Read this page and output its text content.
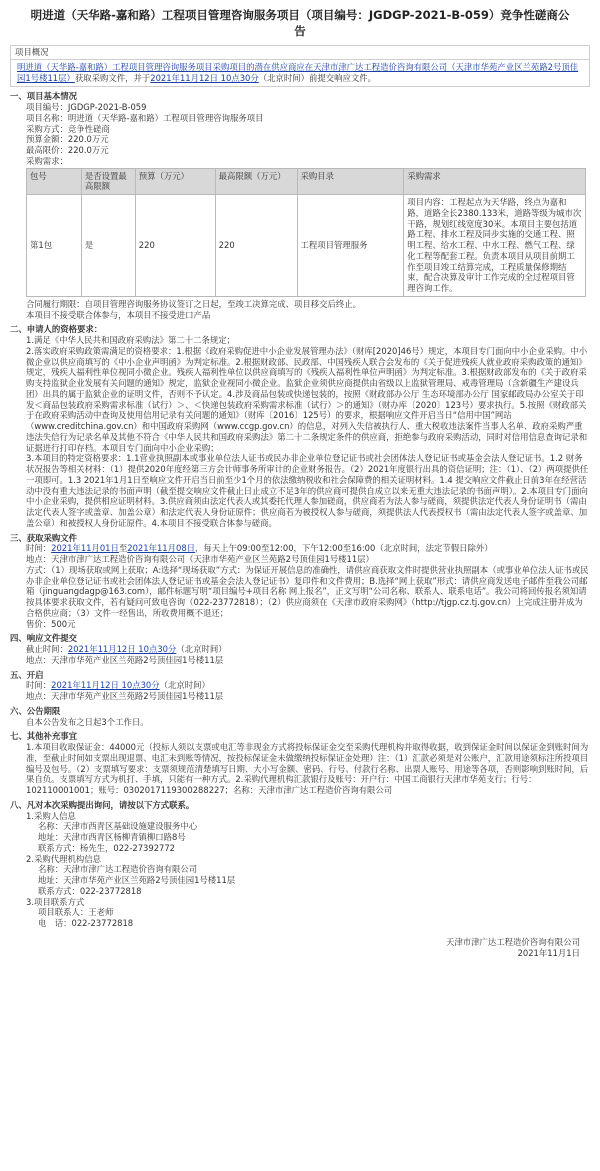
明进道（天华路-嘉和路）工程项目管理咨询服务项目（项目编号：JGDGP-2021-B-059）竞争性磋商公告
项目概况
明进道（天华路-嘉和路）工程项目管理咨询服务项目采购项目的潜在供应商应在天津市津广达工程造价咨询有限公司（天津市华苑产业区兰苑路2号顶佳园1号楼11层）获取采购文件，并于2021年11月12日 10点30分（北京时间）前提交响应文件。
一、项目基本情况
项目编号：JGDGP-2021-B-059
项目名称：明进道（天华路-嘉和路）工程项目管理咨询服务项目
采购方式：竞争性磋商
预算金额：220.0万元
最高限价：220.0万元
采购需求：
包号	是否设置最高限额	预算（万元）	最高限额（万元）	采购目录	采购需求
第1包	是	220	220	工程项目管理服务	项目内容：工程起点为天华路，终点为嘉和路，道路全长2380.133米，道路等级为城市次干路，规划红线宽度30米。本项目主要包括道路工程、排水工程及同步实施的交通工程、照明工程、给水工程、中水工程、燃气工程、绿化工程等配套工程。负责本项目从项目前期工作至项目竣工结算完成，工程质量保修期结束，配合决算及审计工作完成的全过程项目管理咨询工作。
合同履行期限：自项目管理咨询服务协议签订之日起，至竣工决算完成、项目移交后终止。
本项目不接受联合体参与，本项目不接受进口产品
二、申请人的资格要求：
1.满足《中华人民共和国政府采购法》第二十二条规定；
2.落实政府采购政策需满足的资格要求：1.根据《政府采购促进中小企业发展管理办法》（财库[2020]46号）规定，本项目专门面向中小企业采购。中小微企业以供应商填写的《中小企业声明函》为判定标准。2.根据财政部、民政部、中国残疾人联合会发布的《关于促进残疾人就业政府采购政策的通知》规定，残疾人福利性单位视同小微企业。残疾人福利性单位以供应商填写的《残疾人福利性单位声明函》为判定标准。3.根据财政部发布的《关于政府采购支持监狱企业发展有关问题的通知》规定，监狱企业视同小微企业。监狱企业须供应商提供由省级以上监狱管理局、戒毒管理局（含新疆生产建设兵团）出具的属于监狱企业的证明文件，否则不予认定。4.涉及商品包装或快递包装的，按照《财政部办公厅 生态环境部办公厅 国家邮政局办公室关于印发＜商品包装政府采购需求标准（试行）＞、＜快递包装政府采购需求标准（试行）＞的通知》（财办库〔2020〕123号）要求执行。5.按照《财政部关于在政府采购活动中查询及使用信用记录有关问题的通知》（财库〔2016〕125号）的要求，根据响应文件开启当日“信用中国”网站（www.creditchina.gov.cn）和中国政府采购网（www.ccgp.gov.cn）的信息，对列入失信被执行人、重大税收违法案件当事人名单、政府采购严重违法失信行为记录名单及其他不符合《中华人民共和国政府采购法》第二十二条规定条件的供应商，拒绝参与政府采购活动，同时对信用信息查询记录和证据进行打印存档。本项目专门面向中小企业采购；
3.本项目的特定资格要求：1.1营业执照副本或事业单位法人证书或民办非企业单位登记证书或社会团体法人登记证书或基金会法人登记证书。1.2 财务状况报告等相关材料：（1）提供2020年度经第三方会计师事务所审计的企业财务报告。（2）2021年度银行出具的资信证明；注：（1）、（2）两项提供任一项即可。1.3 2021年1月1日至响应文件开启当日前至少1个月的依法缴纳税收和社会保障费的相关证明材料。1.4 提交响应文件截止日前3年在经营活动中没有重大违法记录的书面声明（截至提交响应文件截止日止成立不足3年的供应商可提供自成立以来无重大违法记录的书面声明）。2.本项目专门面向中小企业采购，提供相应证明材料。3.供应商须由法定代表人或其委托代理人参加磋商，供应商若为法人参与磋商，须提供法定代表人身份证明书（需由法定代表人签字或盖章、加盖公章）和法定代表人身份证原件；供应商若为被授权人参与磋商，须提供法人代表授权书（需由法定代表人签字或盖章、加盖公章）和被授权人身份证原件。4.本项目不接受联合体参与磋商。
三、获取采购文件
时间：2021年11月01日至2021年11月08日，每天上午09:00至12:00，下午12:00至16:00（北京时间，法定节假日除外）
地点：天津市津广达工程造价咨询有限公司（天津市华苑产业区兰苑路2号顶佳园1号楼11层）
方式：（1）现场获取或网上获取；A:选择“现场获取”方式：为保证开展信息的准确性，请供应商获取文件时提供营业执照副本（或事业单位法人证书或民办非企业单位登记证书或社会团体法人登记证书或基金会法人登记证书）复印件和文件费用；B.选择“网上获取”形式：请供应商发送电子邮件至我公司邮箱（jinguangdagp@163.com），邮件标题写明“项目编号+项目名称 网上报名”，正文写明“公司名称、联系人、联系电话”。我公司将回传报名须知请按具体要求获取文件，若有疑问可致电咨询（022-23772818）；（2）供应商须在《天津市政府采购网》（http://tjgp.cz.tj.gov.cn）上完成注册并成为合格供应商；（3）文件一经售出，所收费用概不退还；
售价：500元
四、响应文件提交
截止时间：2021年11月12日 10点30分（北京时间）
地点：天津市华苑产业区兰苑路2号顶佳园1号楼11层
五、开启
时间：2021年11月12日 10点30分（北京时间）
地点：天津市华苑产业区兰苑路2号顶佳园1号楼11层
六、公告期限
自本公告发布之日起3个工作日。
七、其他补充事宜
1.本项目收取保证金：44000元（投标人须以支票或电汇等非现金方式将投标保证金交至采购代理机构并取得收据，收到保证金时间以保证金到账时间为准，至截止时间如支票出现退票、电汇未到账等情况，按投标保证金未做缴纳投标保证金处理）注：（1）汇款必须是对公账户，汇款用途须标注所投项目编号及包号。（2）支票填写要求：支票须规范清楚填写日期、大小写金额、密码、行号、付款行名称、出票人账号、用途等各项，否则影响到账时间，后果自负。支票填写方式为机打、手填，只能有一种方式。2.采购代理机构汇款银行及账号：开户行：中国工商银行天津市华苑支行；行号：102110001001；账号：0302017119300288227；名称：天津市津广达工程造价咨询有限公司
八、凡对本次采购提出询问，请按以下方式联系。
1.采购人信息
名称：天津市西青区基础设施建设服务中心
地址：天津市西青区杨柳青镇柳口路8号
联系方式：杨先生，022-27392772
2.采购代理机构信息
名称：天津市津广达工程造价咨询有限公司
地址：天津市华苑产业区兰苑路2号顶佳园1号楼11层
联系方式：022-23772818
3.项目联系方式
项目联系人：王老师
电　话：022-23772818
天津市津广达工程造价咨询有限公司
2021年11月1日
